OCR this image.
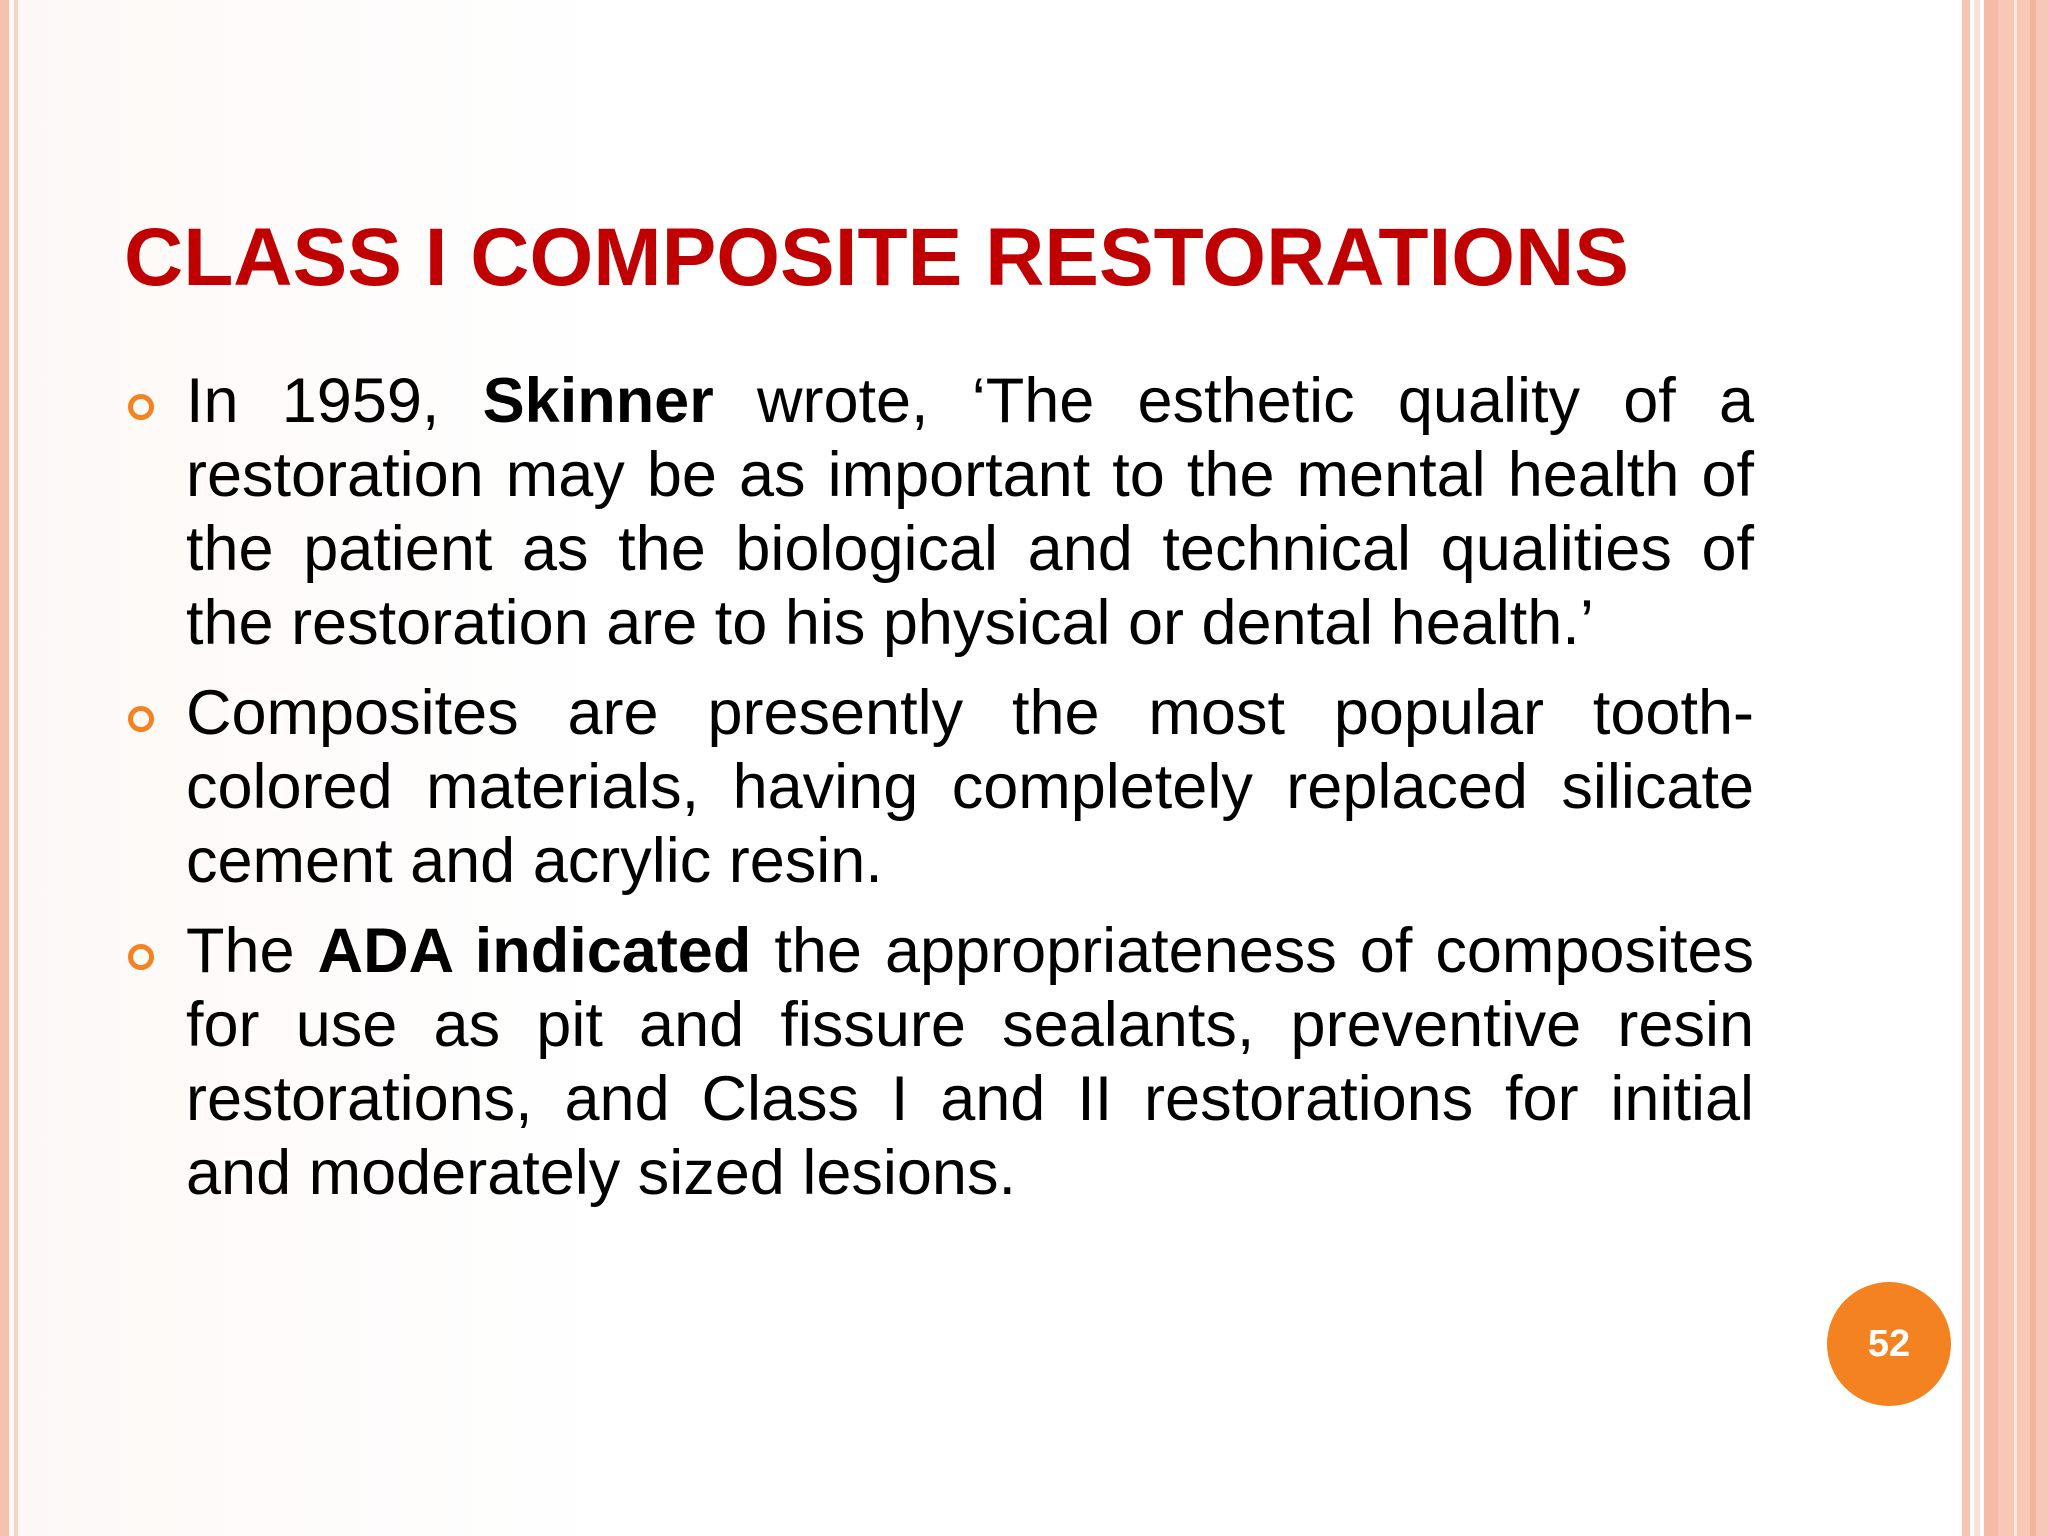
CLASS I COMPOSITE RESTORATIONS
In 1959, Skinner wrote, ‘The esthetic quality of a restoration may be as important to the mental health of the patient as the biological and technical qualities of the restoration are to his physical or dental health.’
Composites are presently the most popular tooth-colored materials, having completely replaced silicate cement and acrylic resin.
The ADA indicated the appropriateness of composites for use as pit and fissure sealants, preventive resin restorations, and Class I and II restorations for initial and moderately sized lesions.
52
